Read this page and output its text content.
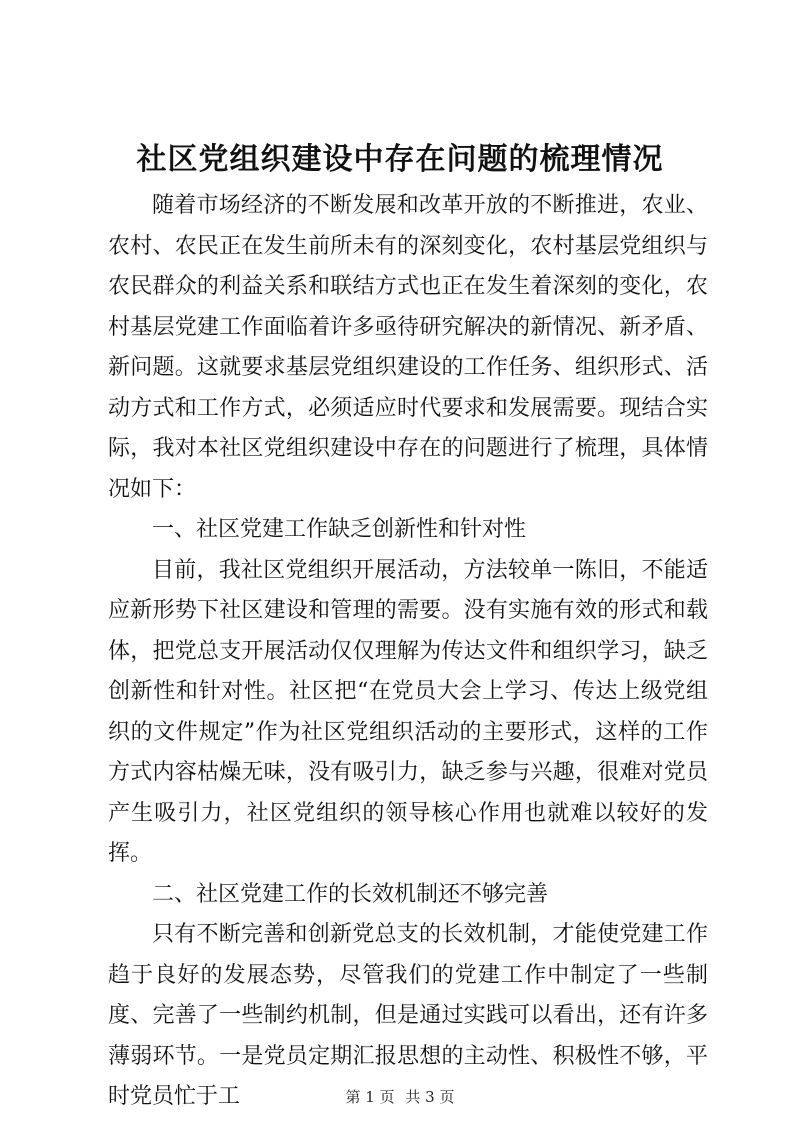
社区党组织建设中存在问题的梳理情况

随着市场经济的不断发展和改革开放的不断推进，农业、农村、农民正在发生前所未有的深刻变化，农村基层党组织与农民群众的利益关系和联结方式也正在发生着深刻的变化，农村基层党建工作面临着许多亟待研究解决的新情况、新矛盾、新问题。这就要求基层党组织建设的工作任务、组织形式、活动方式和工作方式，必须适应时代要求和发展需要。现结合实际，我对本社区党组织建设中存在的问题进行了梳理，具体情况如下：

一、社区党建工作缺乏创新性和针对性

目前，我社区党组织开展活动，方法较单一陈旧，不能适应新形势下社区建设和管理的需要。没有实施有效的形式和载体，把党总支开展活动仅仅理解为传达文件和组织学习，缺乏创新性和针对性。社区把“在党员大会上学习、传达上级党组织的文件规定”作为社区党组织活动的主要形式，这样的工作方式内容枯燥无味，没有吸引力，缺乏参与兴趣，很难对党员产生吸引力，社区党组织的领导核心作用也就难以较好的发挥。

二、社区党建工作的长效机制还不够完善

只有不断完善和创新党总支的长效机制，才能使党建工作趋于良好的发展态势，尽管我们的党建工作中制定了一些制度、完善了一些制约机制，但是通过实践可以看出，还有许多薄弱环节。一是党员定期汇报思想的主动性、积极性不够，平时党员忙于工	第 1 页 共 3 页
